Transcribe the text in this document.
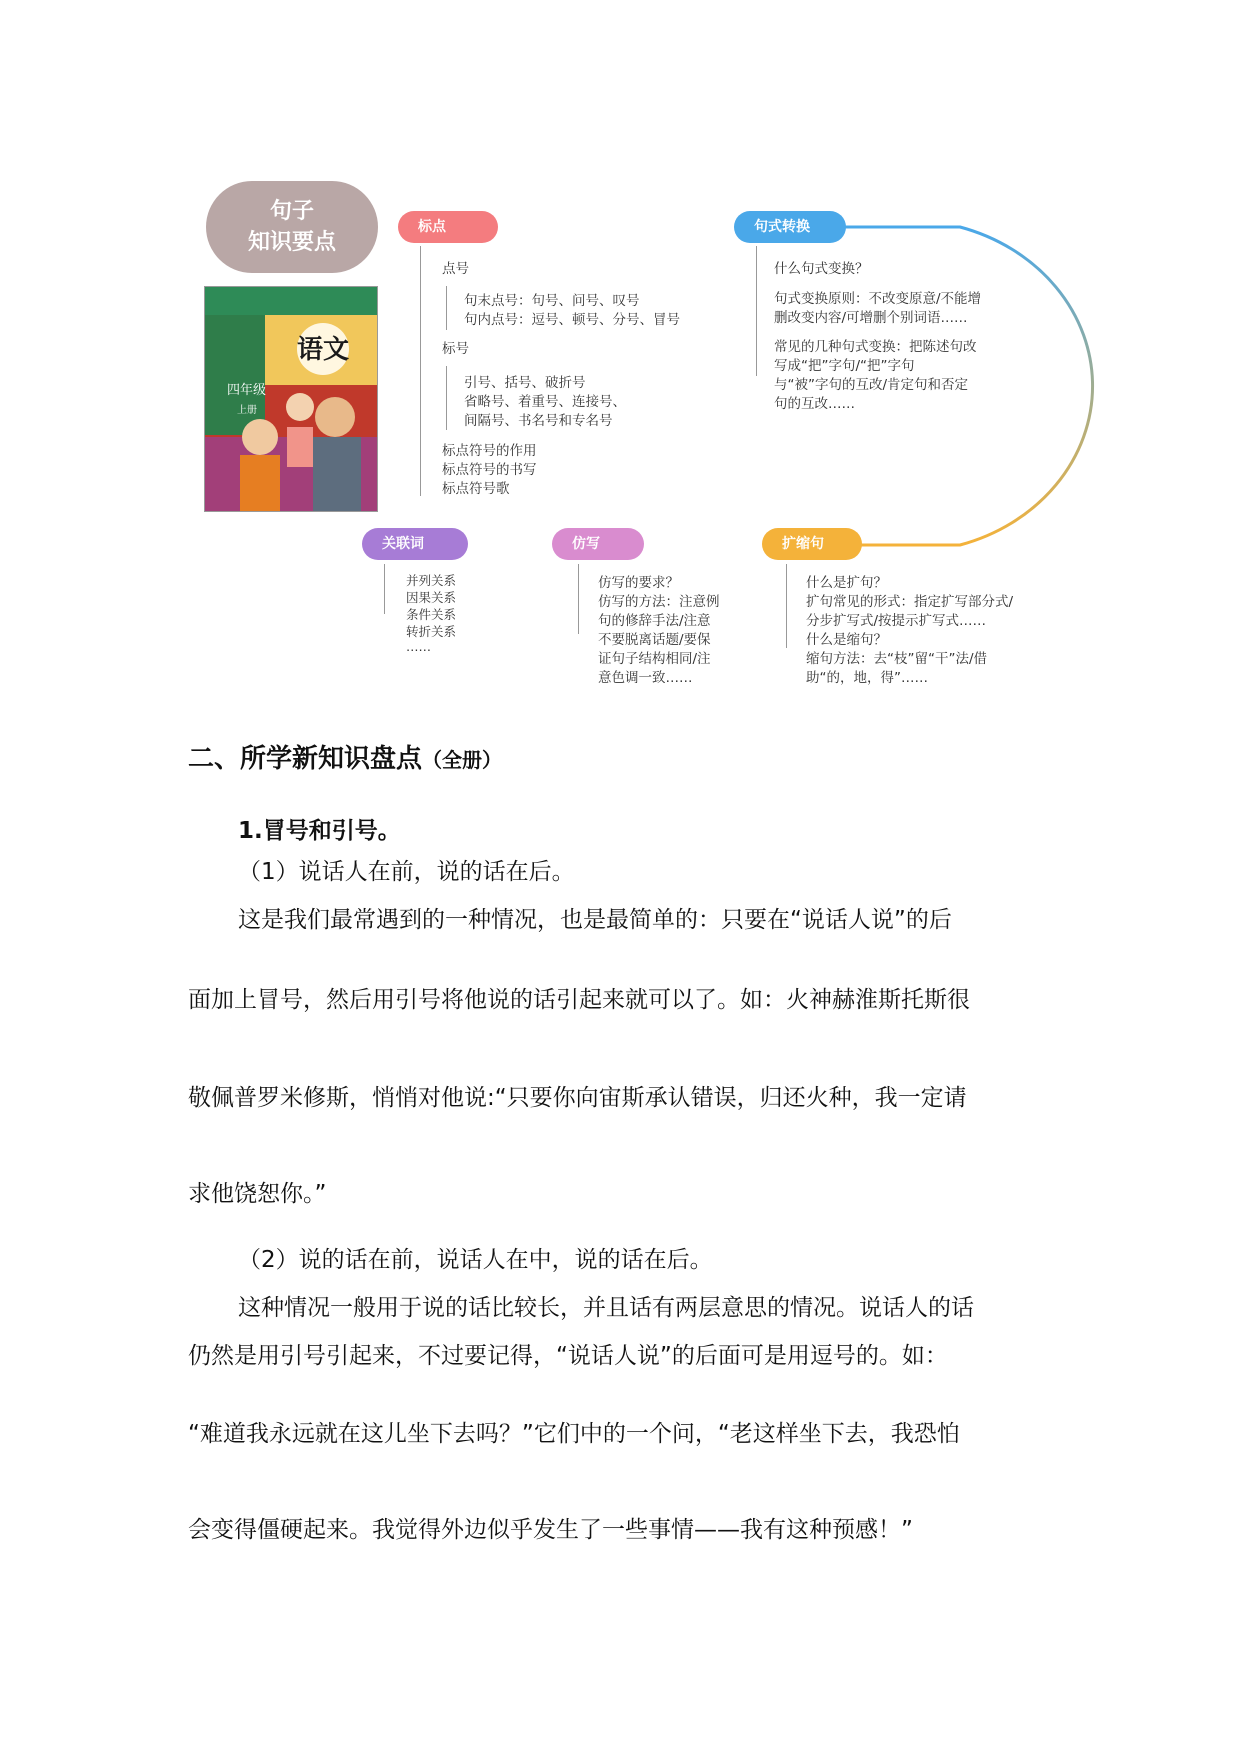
句子
知识要点
语文
四年级
上册
标点	句式转换
关联词	仿写	扩缩句
点号
句末点号：句号、问号、叹号
句内点号：逗号、顿号、分号、冒号
标号
引号、括号、破折号
省略号、着重号、连接号、
间隔号、书名号和专名号
标点符号的作用
标点符号的书写
标点符号歌
什么句式变换？
句式变换原则：不改变原意/不能增
删改变内容/可增删个别词语……
常见的几种句式变换：把陈述句改
写成“把”字句/“把”字句
与“被”字句的互改/肯定句和否定
句的互改……
并列关系
因果关系
条件关系
转折关系
……
仿写的要求？
仿写的方法：注意例
句的修辞手法/注意
不要脱离话题/要保
证句子结构相同/注
意色调一致……
什么是扩句？
扩句常见的形式：指定扩写部分式/
分步扩写式/按提示扩写式……
什么是缩句？
缩句方法：去“枝”留“干”法/借
助“的，地，得”……
二、所学新知识盘点（全册）
1.冒号和引号。
（1）说话人在前，说的话在后。
这是我们最常遇到的一种情况，也是最简单的：只要在“说话人说”的后
面加上冒号，然后用引号将他说的话引起来就可以了。如：火神赫淮斯托斯很
敬佩普罗米修斯，悄悄对他说:“只要你向宙斯承认错误，归还火种，我一定请
求他饶恕你。”
（2）说的话在前，说话人在中，说的话在后。
这种情况一般用于说的话比较长，并且话有两层意思的情况。说话人的话
仍然是用引号引起来，不过要记得，“说话人说”的后面可是用逗号的。如：
“难道我永远就在这儿坐下去吗？”它们中的一个问，“老这样坐下去，我恐怕
会变得僵硬起来。我觉得外边似乎发生了一些事情——我有这种预感！”
